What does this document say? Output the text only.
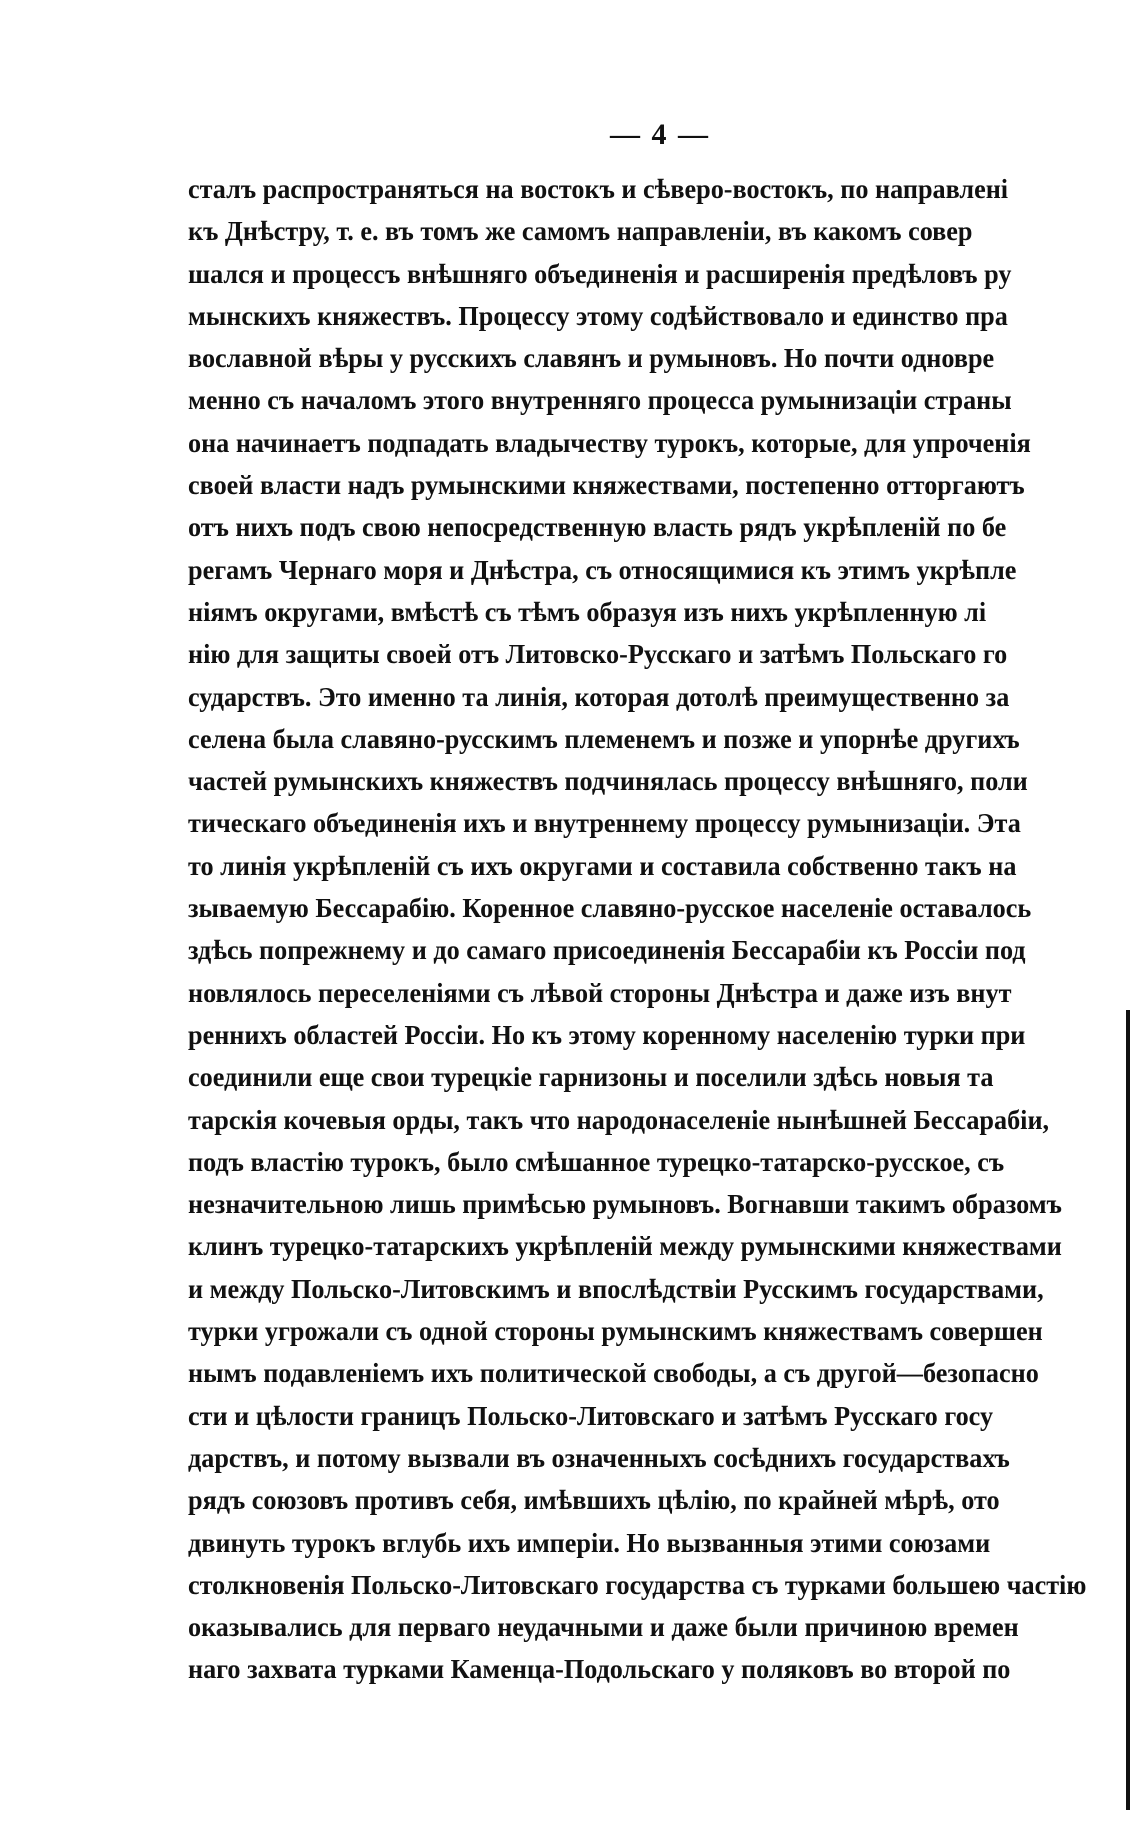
— 4 —
сталъ распространяться на востокъ и сѣверо-востокъ, по направлені
къ Днѣстру, т. е. въ томъ же самомъ направленіи, въ какомъ совер
шался и процессъ внѣшняго объединенія и расширенія предѣловъ ру
мынскихъ княжествъ. Процессу этому содѣйствовало и единство пра
вославной вѣры у русскихъ славянъ и румыновъ. Но почти одновре
менно съ началомъ этого внутренняго процесса румынизаціи страны
она начинаетъ подпадать владычеству турокъ, которые, для упроченія
своей власти надъ румынскими княжествами, постепенно отторгаютъ
отъ нихъ подъ свою непосредственную власть рядъ укрѣпленій по бе
регамъ Чернаго моря и Днѣстра, съ относящимися къ этимъ укрѣпле
ніямъ округами, вмѣстѣ съ тѣмъ образуя изъ нихъ укрѣпленную лі
нію для защиты своей отъ Литовско-Русскаго и затѣмъ Польскаго го
сударствъ. Это именно та линія, которая дотолѣ преимущественно за
селена была славяно-русскимъ племенемъ и позже и упорнѣе другихъ
частей румынскихъ княжествъ подчинялась процессу внѣшняго, поли
тическаго объединенія ихъ и внутреннему процессу румынизаціи. Эта
то линія укрѣпленій съ ихъ округами и составила собственно такъ на
зываемую Бессарабію. Коренное славяно-русское населеніе оставалось
здѣсь попрежнему и до самаго присоединенія Бессарабіи къ Россіи под
новлялось переселеніями съ лѣвой стороны Днѣстра и даже изъ внут
реннихъ областей Россіи. Но къ этому коренному населенію турки при
соединили еще свои турецкіе гарнизоны и поселили здѣсь новыя та
тарскія кочевыя орды, такъ что народонаселеніе нынѣшней Бессарабіи,
подъ властію турокъ, было смѣшанное турецко-татарско-русское, съ
незначительною лишь примѣсью румыновъ. Вогнавши такимъ образомъ
клинъ турецко-татарскихъ укрѣпленій между румынскими княжествами
и между Польско-Литовскимъ и впослѣдствіи Русскимъ государствами,
турки угрожали съ одной стороны румынскимъ княжествамъ совершен
нымъ подавленіемъ ихъ политической свободы, а съ другой—безопасно
сти и цѣлости границъ Польско-Литовскаго и затѣмъ Русскаго госу
дарствъ, и потому вызвали въ означенныхъ сосѣднихъ государствахъ
рядъ союзовъ противъ себя, имѣвшихъ цѣлію, по крайней мѣрѣ, ото
двинуть турокъ вглубь ихъ имперіи. Но вызванныя этими союзами
столкновенія Польско-Литовскаго государства съ турками большею частію
оказывались для перваго неудачными и даже были причиною времен
наго захвата турками Каменца-Подольскаго у поляковъ во второй по
